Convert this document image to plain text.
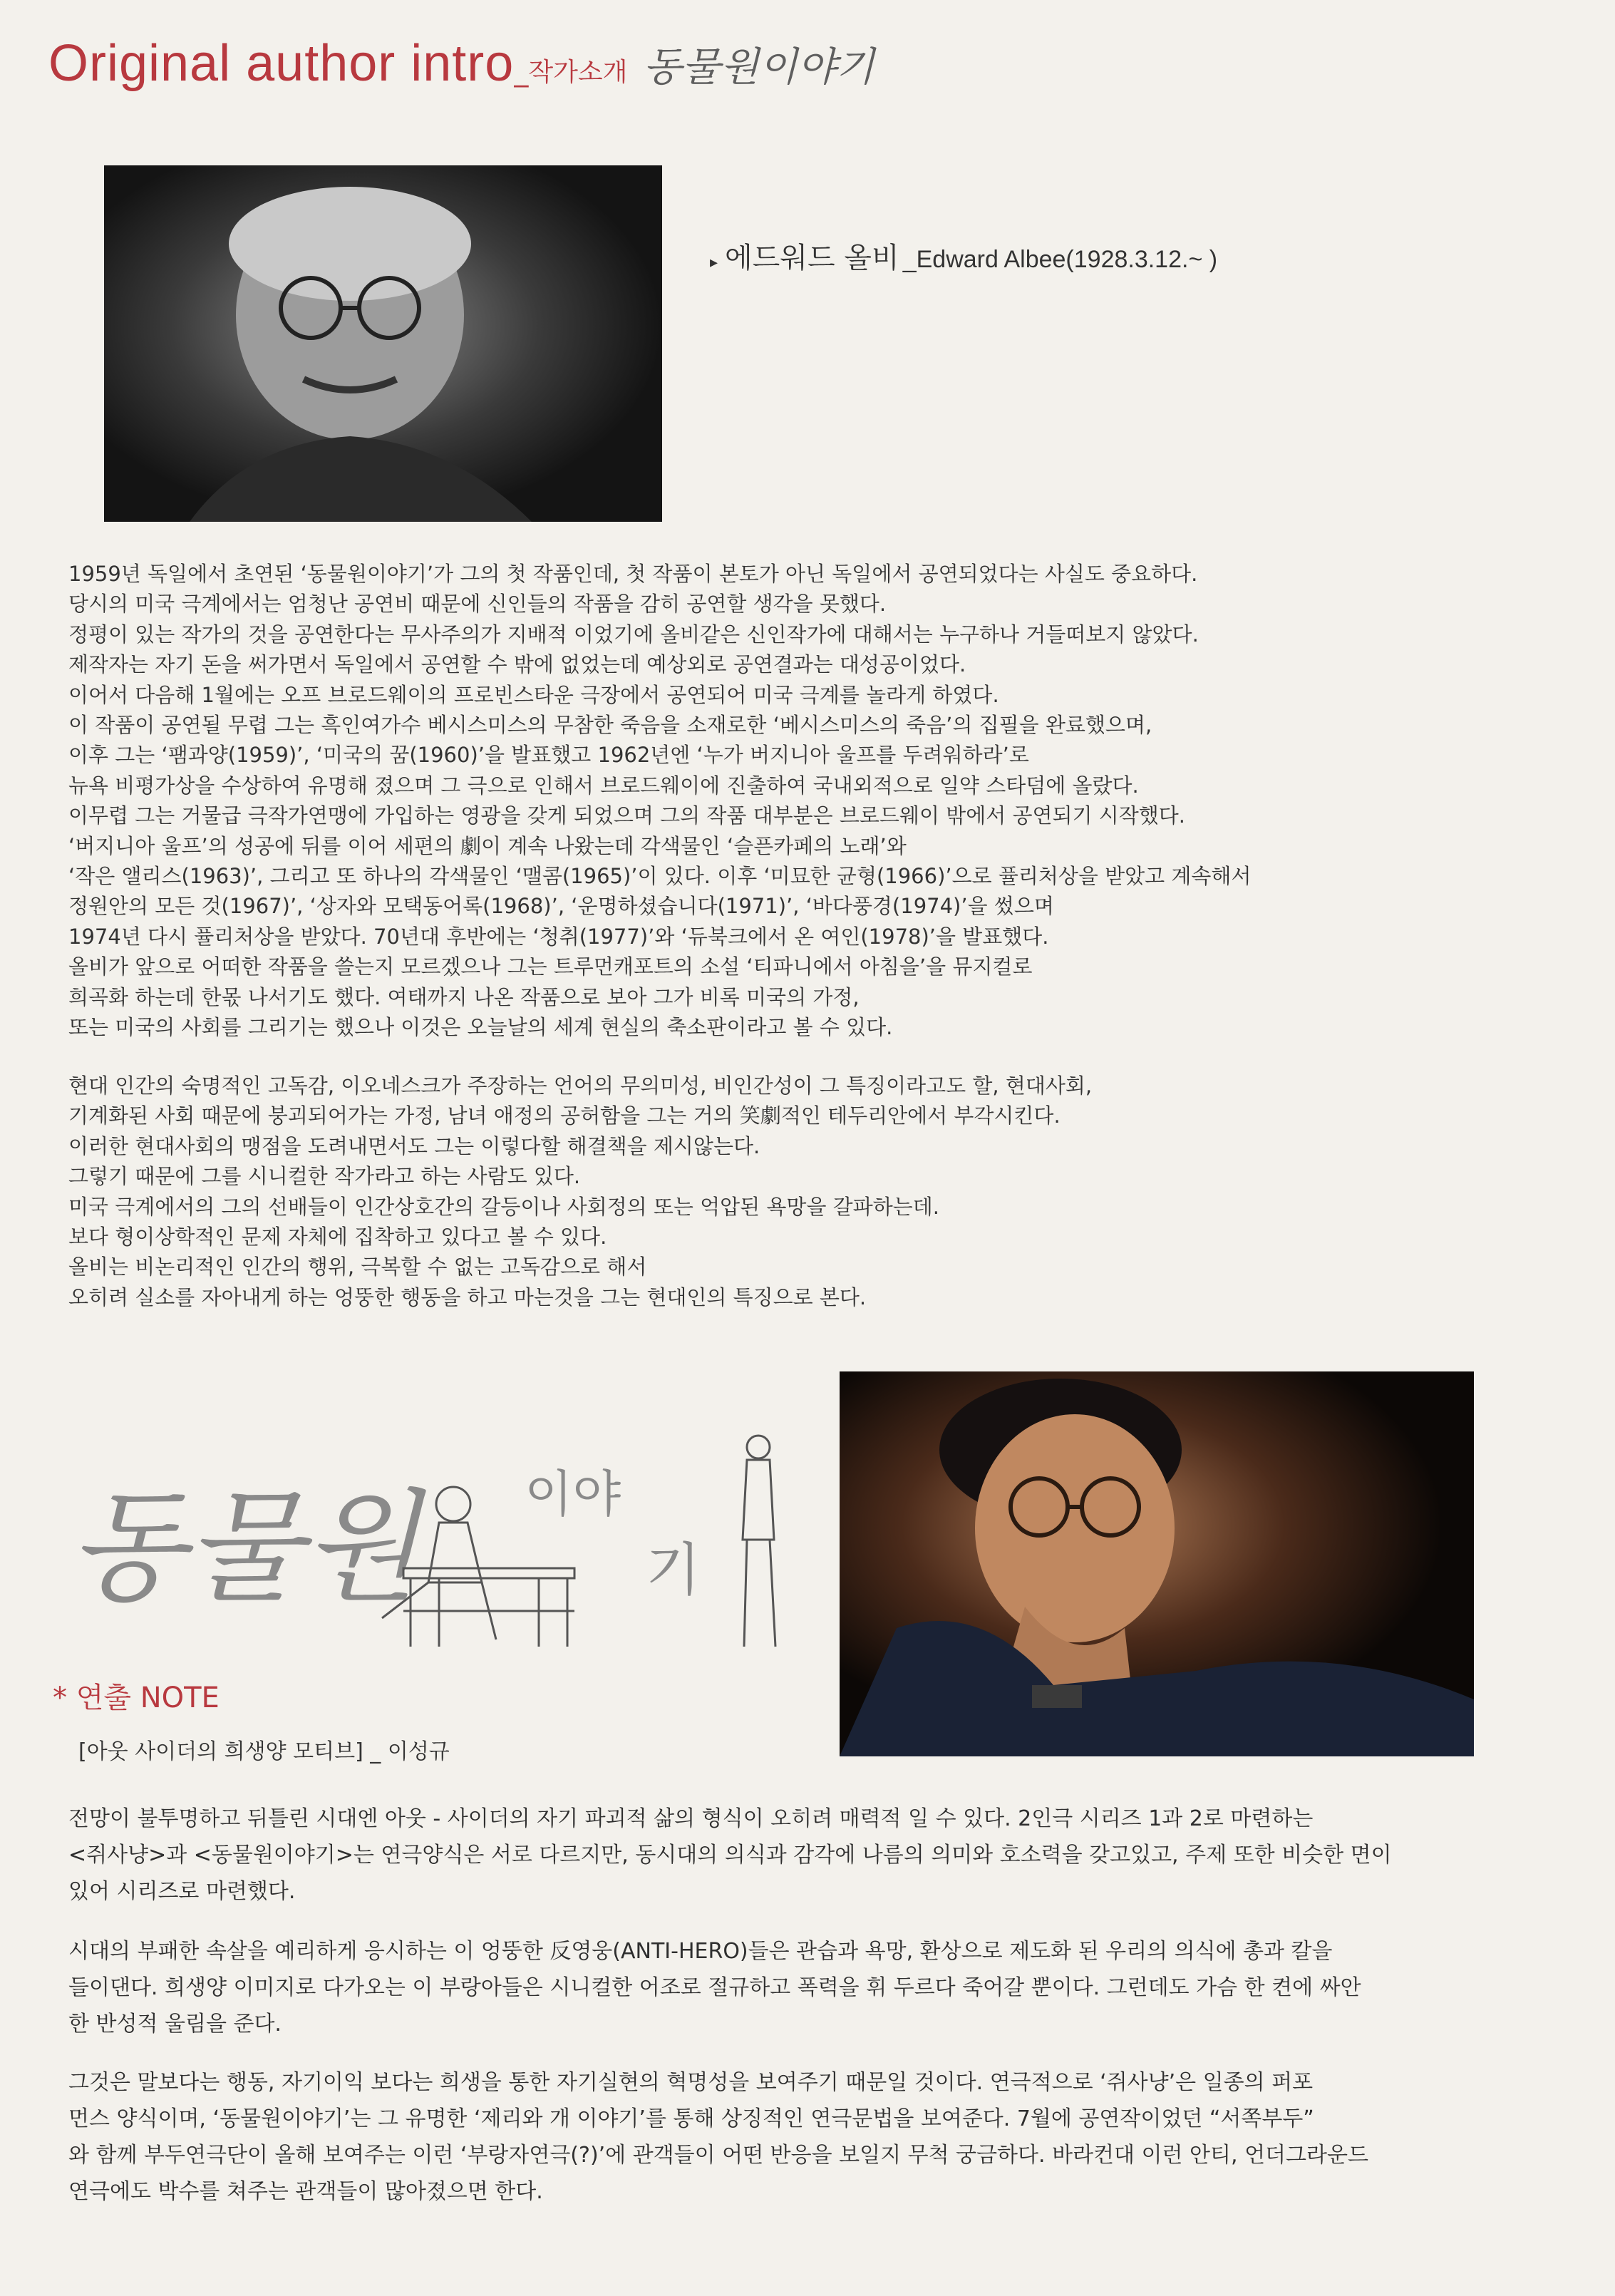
Original author intro_작가소개 동물원이야기
▸ 에드워드 올비 _Edward Albee(1928.3.12.~ )

1959년 독일에서 초연된 ‘동물원이야기’가 그의 첫 작품인데, 첫 작품이 본토가 아닌 독일에서 공연되었다는 사실도 중요하다.

당시의 미국 극계에서는 엄청난 공연비 때문에 신인들의 작품을 감히 공연할 생각을 못했다.

정평이 있는 작가의 것을 공연한다는 무사주의가 지배적 이었기에 올비같은 신인작가에 대해서는 누구하나 거들떠보지 않았다.

제작자는 자기 돈을 써가면서 독일에서 공연할 수 밖에 없었는데 예상외로 공연결과는 대성공이었다.

이어서 다음해 1월에는 오프 브로드웨이의 프로빈스타운 극장에서 공연되어 미국 극계를 놀라게 하였다.

이 작품이 공연될 무렵 그는 흑인여가수 베시스미스의 무참한 죽음을 소재로한 ‘베시스미스의 죽음’의 집필을 완료했으며,

이후 그는 ‘팸과양(1959)’, ‘미국의 꿈(1960)’을 발표했고 1962년엔 ‘누가 버지니아 울프를 두려워하라’로

뉴욕 비평가상을 수상하여 유명해 졌으며 그 극으로 인해서 브로드웨이에 진출하여 국내외적으로 일약 스타덤에 올랐다.

이무렵 그는 거물급 극작가연맹에 가입하는 영광을 갖게 되었으며 그의 작품 대부분은 브로드웨이 밖에서 공연되기 시작했다.

‘버지니아 울프’의 성공에 뒤를 이어 세편의 劇이 계속 나왔는데 각색물인 ‘슬픈카페의 노래’와

‘작은 앨리스(1963)’, 그리고 또 하나의 각색물인 ‘맬콤(1965)’이 있다. 이후 ‘미묘한 균형(1966)’으로 퓰리처상을 받았고 계속해서

정원안의 모든 것(1967)’, ‘상자와 모택동어록(1968)’, ‘운명하셨습니다(1971)’, ‘바다풍경(1974)’을 썼으며

1974년 다시 퓰리처상을 받았다. 70년대 후반에는 ‘청취(1977)’와 ‘듀북크에서 온 여인(1978)’을 발표했다.

올비가 앞으로 어떠한 작품을 쓸는지 모르겠으나 그는 트루먼캐포트의 소설 ‘티파니에서 아침을’을 뮤지컬로

희곡화 하는데 한몫 나서기도 했다. 여태까지 나온 작품으로 보아 그가 비록 미국의 가정,

또는 미국의 사회를 그리기는 했으나 이것은 오늘날의 세계 현실의 축소판이라고 볼 수 있다.

현대 인간의 숙명적인 고독감, 이오네스크가 주장하는 언어의 무의미성, 비인간성이 그 특징이라고도 할, 현대사회,

기계화된 사회 때문에 붕괴되어가는 가정, 남녀 애정의 공허함을 그는 거의 笑劇적인 테두리안에서 부각시킨다.

이러한 현대사회의 맹점을 도려내면서도 그는 이렇다할 해결책을 제시않는다.

그렇기 때문에 그를 시니컬한 작가라고 하는 사람도 있다.

미국 극계에서의 그의 선배들이 인간상호간의 갈등이나 사회정의 또는 억압된 욕망을 갈파하는데.

보다 형이상학적인 문제 자체에 집착하고 있다고 볼 수 있다.

올비는 비논리적인 인간의 행위, 극복할 수 없는 고독감으로 해서

오히려 실소를 자아내게 하는 엉뚱한 행동을 하고 마는것을 그는 현대인의 특징으로 본다.

동물원 이야
기
* 연출 NOTE
[아웃 사이더의 희생양 모티브] _ 이성규

전망이 불투명하고 뒤틀린 시대엔 아웃 - 사이더의 자기 파괴적 삶의 형식이 오히려 매력적 일 수 있다. 2인극 시리즈 1과 2로 마련하는

<쥐사냥>과 <동물원이야기>는 연극양식은 서로 다르지만, 동시대의 의식과 감각에 나름의 의미와 호소력을 갖고있고, 주제 또한 비슷한 면이

있어 시리즈로 마련했다.

시대의 부패한 속살을 예리하게 응시하는 이 엉뚱한 反영웅(ANTI-HERO)들은 관습과 욕망, 환상으로 제도화 된 우리의 의식에 총과 칼을

들이댄다. 희생양 이미지로 다가오는 이 부랑아들은 시니컬한 어조로 절규하고 폭력을 휘 두르다 죽어갈 뿐이다. 그런데도 가슴 한 켠에 싸안

한 반성적 울림을 준다.

그것은 말보다는 행동, 자기이익 보다는 희생을 통한 자기실현의 혁명성을 보여주기 때문일 것이다. 연극적으로 ‘쥐사냥’은 일종의 퍼포

먼스 양식이며, ‘동물원이야기’는 그 유명한 ‘제리와 개 이야기’를 통해 상징적인 연극문법을 보여준다. 7월에 공연작이었던 “서쪽부두”

와 함께 부두연극단이 올해 보여주는 이런 ‘부랑자연극(?)’에 관객들이 어떤 반응을 보일지 무척 궁금하다. 바라컨대 이런 안티, 언더그라운드

연극에도 박수를 쳐주는 관객들이 많아졌으면 한다.
